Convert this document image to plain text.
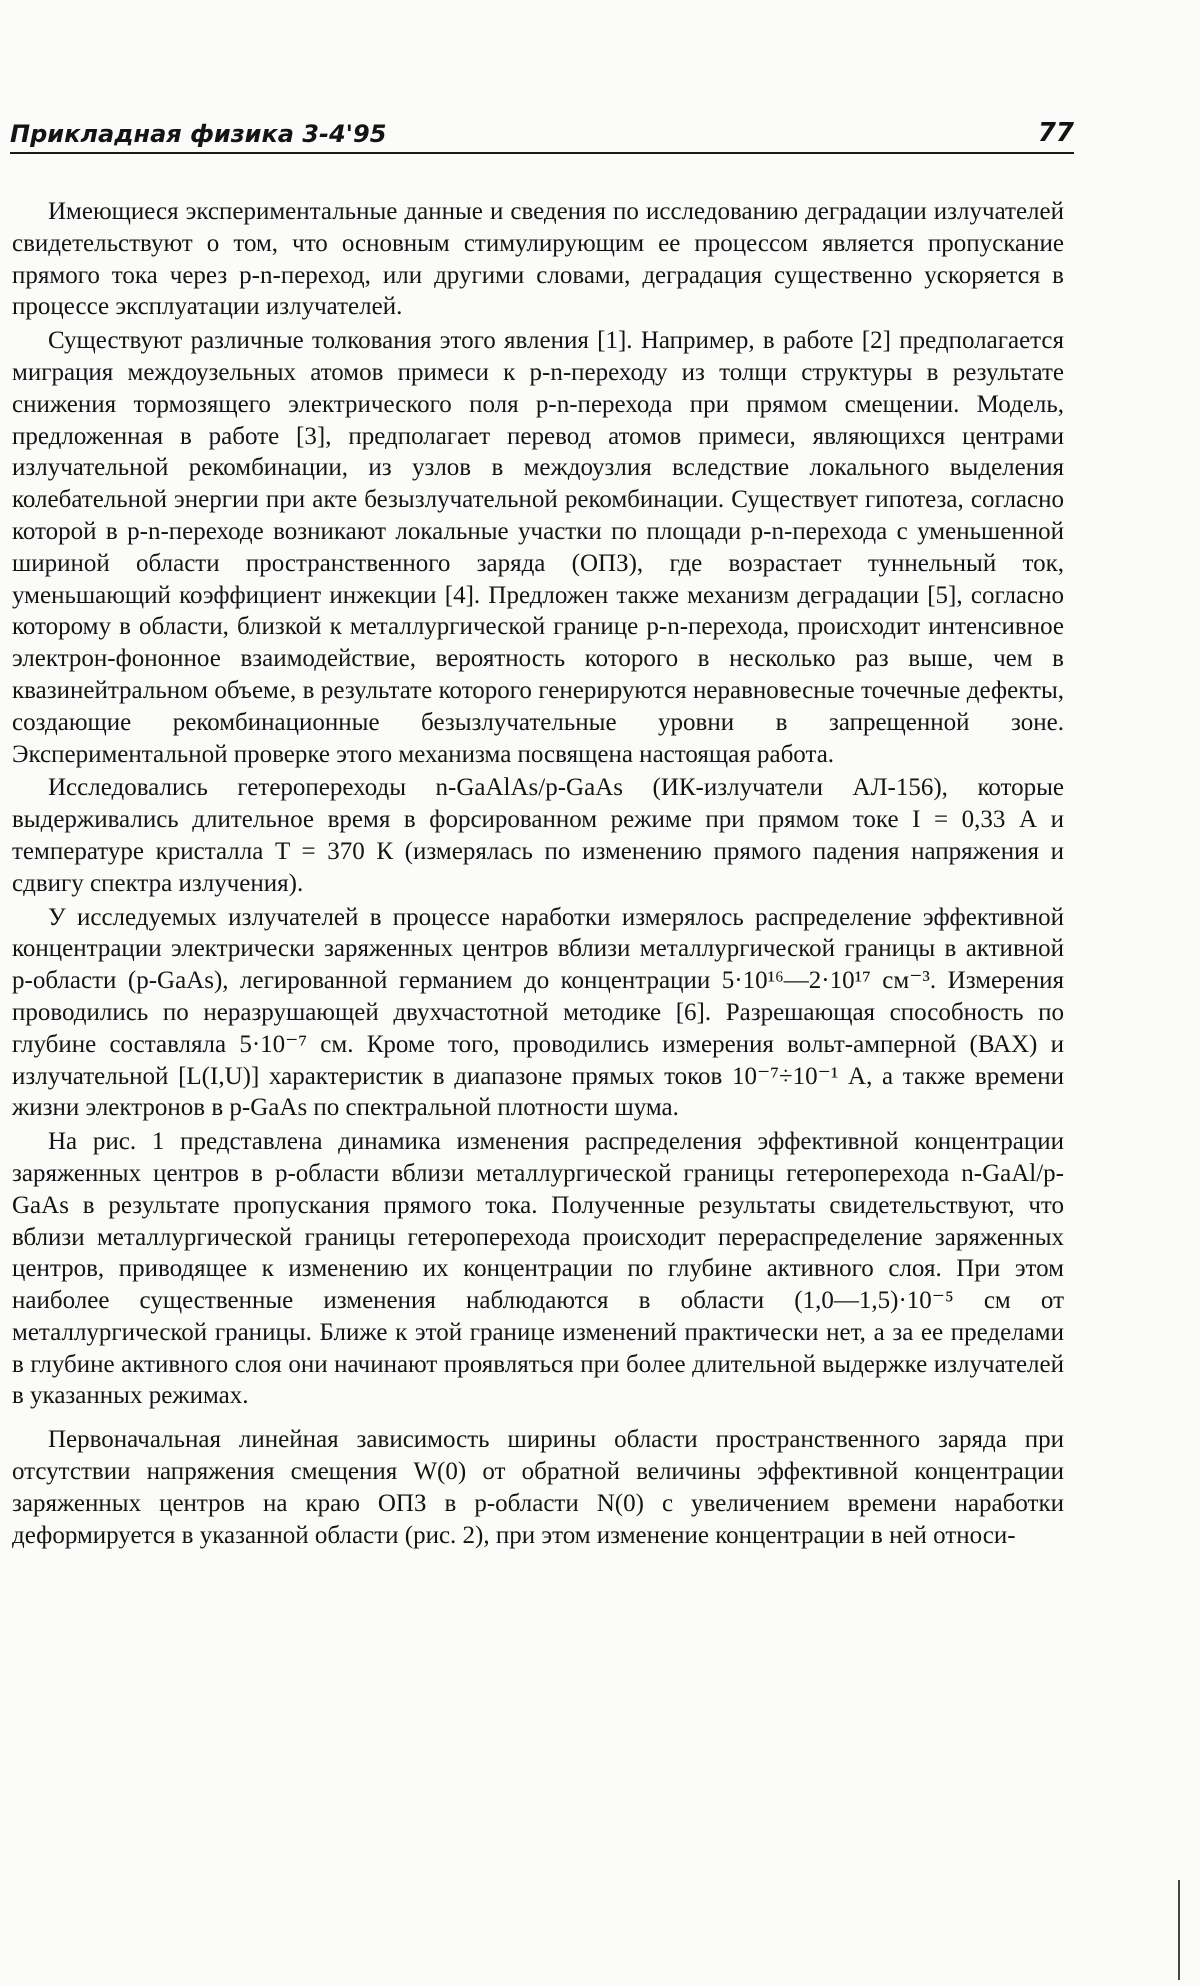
Прикладная физика 3-4'95	77

Имеющиеся экспериментальные данные и сведения по исследованию деградации излучателей свидетельствуют о том, что основным стимулирующим ее процессом является пропускание прямого тока через p-n-переход, или другими словами, деградация существенно ускоряется в процессе эксплуатации излучателей.

Существуют различные толкования этого явления [1]. Например, в работе [2] предполагается миграция междоузельных атомов примеси к p-n-переходу из толщи структуры в результате снижения тормозящего электрического поля p-n-перехода при прямом смещении. Модель, предложенная в работе [3], предполагает перевод атомов примеси, являющихся центрами излучательной рекомбинации, из узлов в междоузлия вследствие локального выделения колебательной энергии при акте безызлучательной рекомбинации. Существует гипотеза, согласно которой в p-n-переходе возникают локальные участки по площади p-n-перехода с уменьшенной шириной области пространственного заряда (ОПЗ), где возрастает туннельный ток, уменьшающий коэффициент инжекции [4]. Предложен также механизм деградации [5], согласно которому в области, близкой к металлургической границе p-n-перехода, происходит интенсивное электрон-фононное взаимодействие, вероятность которого в несколько раз выше, чем в квазинейтральном объеме, в результате которого генерируются неравновесные точечные дефекты, создающие рекомбинационные безызлучательные уровни в запрещенной зоне. Экспериментальной проверке этого механизма посвящена настоящая работа.

Исследовались гетеропереходы n-GaAlAs/p-GaAs (ИК-излучатели АЛ-156), которые выдерживались длительное время в форсированном режиме при прямом токе I = 0,33 А и температуре кристалла T = 370 К (измерялась по изменению прямого падения напряжения и сдвигу спектра излучения).

У исследуемых излучателей в процессе наработки измерялось распределение эффективной концентрации электрически заряженных центров вблизи металлургической границы в активной p-области (p-GaAs), легированной германием до концентрации 5·10¹⁶—2·10¹⁷ см⁻³. Измерения проводились по неразрушающей двухчастотной методике [6]. Разрешающая способность по глубине составляла 5·10⁻⁷ см. Кроме того, проводились измерения вольт-амперной (ВАХ) и излучательной [L(I,U)] характеристик в диапазоне прямых токов 10⁻⁷÷10⁻¹ А, а также времени жизни электронов в p-GaAs по спектральной плотности шума.

На рис. 1 представлена динамика изменения распределения эффективной концентрации заряженных центров в p-области вблизи металлургической границы гетероперехода n-GaAl/p-GaAs в результате пропускания прямого тока. Полученные результаты свидетельствуют, что вблизи металлургической границы гетероперехода происходит перераспределение заряженных центров, приводящее к изменению их концентрации по глубине активного слоя. При этом наиболее существенные изменения наблюдаются в области (1,0—1,5)·10⁻⁵ см от металлургической границы. Ближе к этой границе изменений практически нет, а за ее пределами в глубине активного слоя они начинают проявляться при более длительной выдержке излучателей в указанных режимах.

Первоначальная линейная зависимость ширины области пространственного заряда при отсутствии напряжения смещения W(0) от обратной величины эффективной концентрации заряженных центров на краю ОПЗ в p-области N(0) с увеличением времени наработки деформируется в указанной области (рис. 2), при этом изменение концентрации в ней относи-
